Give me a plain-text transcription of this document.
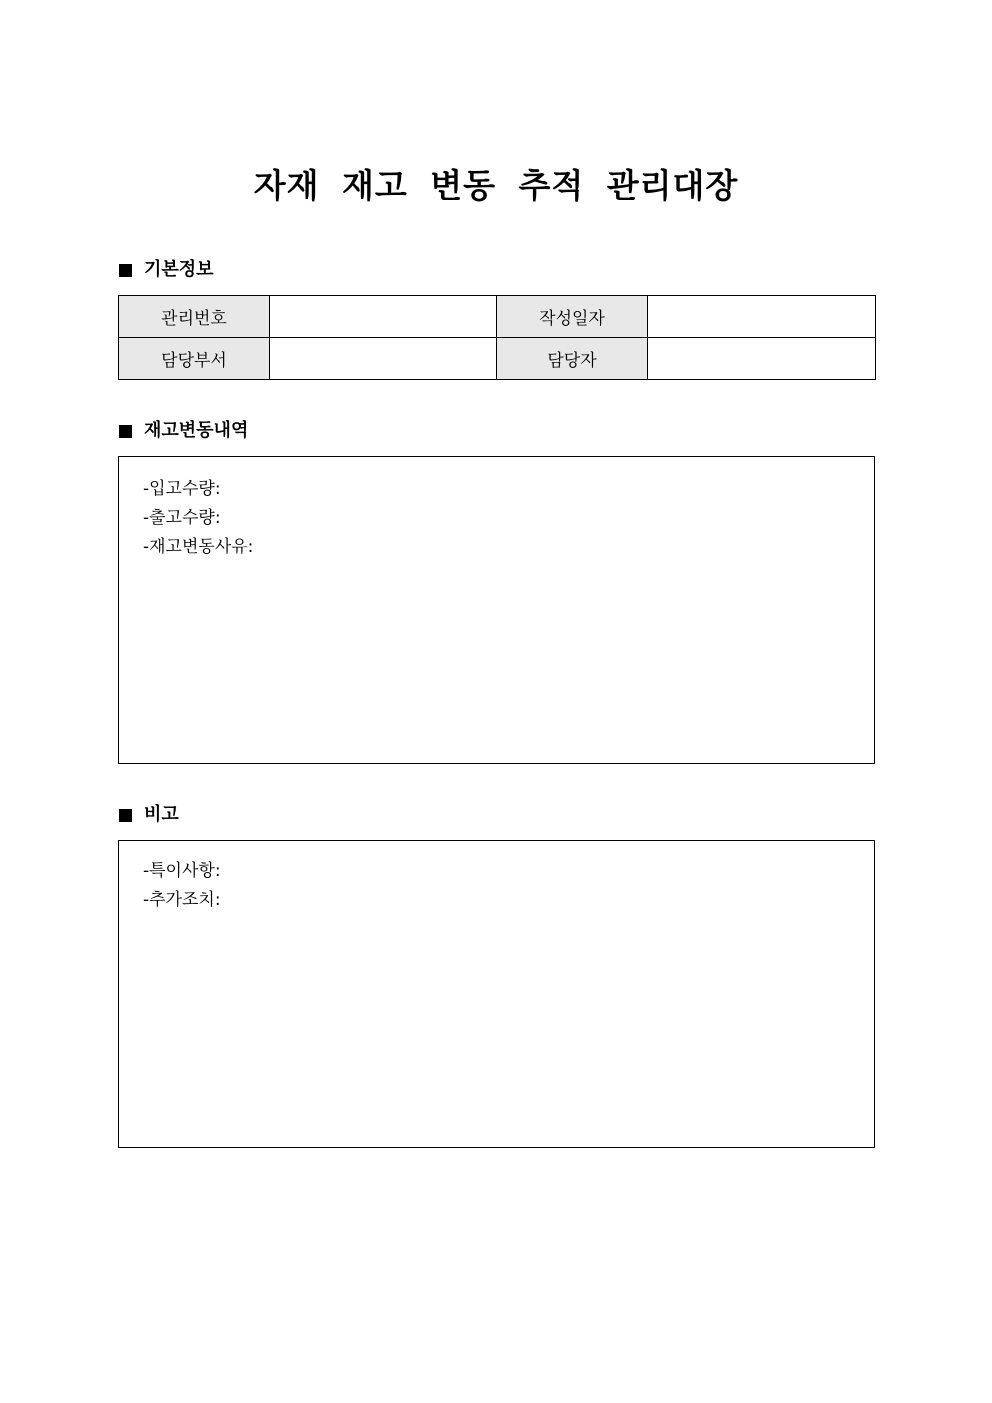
자재 재고 변동 추적 관리대장
기본정보
관리번호		작성일자	
담당부서		담당자	
재고변동내역
-입고수량:
-출고수량:
-재고변동사유:
비고
-특이사항:
-추가조치:
